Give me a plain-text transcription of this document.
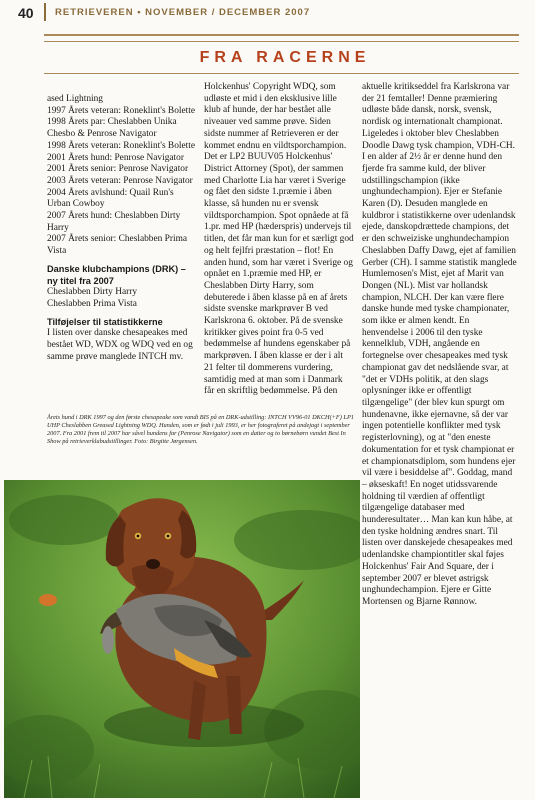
40 RETRIEVEREN • NOVEMBER / DECEMBER 2007
FRA RACERNE

ased Lightning

1997 Årets veteran: Roneklint's Bolette

1998 Årets par: Cheslabben Unika Chesbo & Penrose Navigator

1998 Årets veteran: Roneklint's Bolette

2001 Årets hund: Penrose Navigator

2001 Årets senior: Penrose Navigator

2003 Årets veteran: Penrose Navigator

2004 Årets avlshund: Quail Run's Urban Cowboy

2007 Årets hund: Cheslabben Dirty Harry

2007 Årets senior: Cheslabben Prima Vista

Danske klubchampions (DRK) – ny titel fra 2007

Cheslabben Dirty Harry

Cheslabben Prima Vista

Tilføjelser til statistikkerne

I listen over danske chesapeakes med bestået WD, WDX og WDQ ved en og samme prøve manglede INTCH mv.

Holckenhus' Copyright WDQ, som udløste et mid i den eksklusive lille klub af hunde, der har bestået alle niveauer ved samme prøve. Siden sidste nummer af Retrieveren er der kommet endnu en vildtsporchampion. Det er LP2 BUUV05 Holckenhus' District Attorney (Spot), der sammen med Charlotte Lia har været i Sverige og fået den sidste 1.præmie i åben klasse, så hunden nu er svensk vildtsporchampion. Spot opnåede at få 1.pr. med HP (hæderspris) undervejs til titlen, det får man kun for et særligt god og helt fejlfri præstation – flot! En anden hund, som har været i Sverige og opnået en 1.præmie med HP, er Cheslabben Dirty Harry, som debuterede i åben klasse på en af årets sidste svenske markprøver B ved Karlskrona 6. oktober. På de svenske kritikker gives point fra 0-5 ved bedømmelse af hundens egenskaber på markprøven. I åben klasse er der i alt 21 felter til dommerens vurdering, samtidig med at man som i Danmark får en skriftlig bedømmelse. På den

Årets hund i DRK 1997 og den første chesapeake som vandt BIS på en DRK-udstilling: INTCH VV96-01 DKCH(+F) LP1 UHP Cheslabben Greased Lightning WDQ. Hunden, som er født i juli 1993, er her fotograferet på andejagt i september 2007. Fra 2001 frem til 2007 har såvel hundens far (Penrose Navigator) som en datter og to børnebørn vundet Best In Show på retrieverklubudstillinger. Foto: Birgitte Jørgensen.

aktuelle kritikseddel fra Karlskrona var der 21 femtaller! Denne præmiering udløste både dansk, norsk, svensk, nordisk og internationalt championat. Ligeledes i oktober blev Cheslabben Doodle Dawg tysk champion, VDH-CH. I en alder af 2½ år er denne hund den fjerde fra samme kuld, der bliver udstillingschampion (ikke unghundechampion). Ejer er Stefanie Karen (D). Desuden manglede en kuldbror i statistikkerne over udenlandsk ejede, danskopdrættede champions, det er den schweiziske unghundechampion Cheslabben Daffy Dawg, ejet af familien Gerber (CH). I samme statistik manglede Humlemosen's Mist, ejet af Marit van Dongen (NL). Mist var hollandsk champion, NLCH. Der kan være flere danske hunde med tyske championater, som ikke er almen kendt. En henvendelse i 2006 til den tyske kennelklub, VDH, angående en fortegnelse over chesapeakes med tysk championat gav det nedslående svar, at "det er VDHs politik, at den slags oplysninger ikke er offentligt tilgængelige" (der blev kun spurgt om hundenavne, ikke ejernavne, så der var ingen potentielle konflikter med tysk registerlovning), og at "den eneste dokumentation for et tysk championat er et championatsdiplom, som hundens ejer vil være i besiddelse af". Goddag, mand – økseskaft! En noget utidssvarende holdning til værdien af offentligt tilgængelige databaser med hunderesultater… Man kan kun håbe, at den tyske holdning ændres snart. Til listen over danskejede chesapeakes med udenlandske championtitler skal føjes Holckenhus' Fair And Square, der i september 2007 er blevet østrigsk unghundechampion. Ejere er Gitte Mortensen og Bjarne Rønnow.
